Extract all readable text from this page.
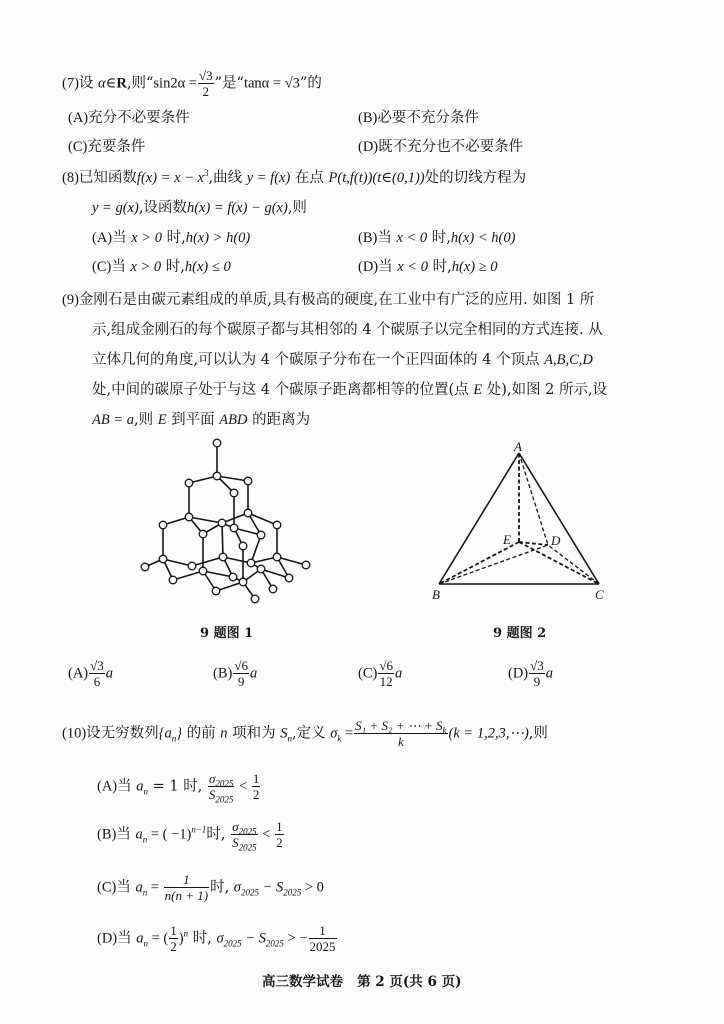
(7)设 α∈R,则“$\sin 2\alpha = \frac{√3}{2}$ ”是“tanα = √3”的
(A)充分不必要条件	(B)必要不充分条件
(C)充要条件	(D)既不充分也不必要条件
(8)已知函数$f(x) = x - x^3$,曲线 y = f(x) 在点 P(t,f(t))(t∈(0,1))处的切线方程为
y = g(x),设函数h(x) = f(x) − g(x),则
(A)当 x > 0 时,h(x) > h(0)	(B)当 x < 0 时,h(x) < h(0)
(C)当 x > 0 时,h(x) ≤ 0	(D)当 x < 0 时,h(x) ≥ 0
(9)金刚石是由碳元素组成的单质,具有极高的硬度,在工业中有广泛的应用. 如图 1 所
示,组成金刚石的每个碳原子都与其相邻的 4 个碳原子以完全相同的方式连接. 从
立体几何的角度,可以认为 4 个碳原子分布在一个正四面体的 4 个顶点 A,B,C,D
处,中间的碳原子处于与这 4 个碳原子距离都相等的位置(点 E 处),如图 2 所示,设
AB = a,则 E 到平面 ABD 的距离为
9 题图 1
A
B	C
D
E
9 题图 2
$(A) \frac{√3}{6}$ a	$(B) \frac{√6}{9}$ a	$(C) \frac{√6}{12}$ a	$(D) \frac{√3}{9}$ a
(10)设无穷数列$\{a_n\}$ 的前 n 项和为 $S_n$,定义 $\sigma_k = \frac{S_1 + S_2 + \cdots + S_k}{k} (k$ = 1,2,3,⋯),则
(A)当 $a_n = 1$ 时, $\frac{\sigma_{2025}}{S_{2025}} < \frac{1}{2}$
(B)当 $a_n$ = ( −1)$^{n-1}$时, $\frac{\sigma_{2025}}{S_{2025}} < \frac{1}{2}$
(C)当 $a_n = \frac{1}{n(n + 1)}$ 时, $\sigma_{2025} - S_{2025} > 0$
(D)当 $a_n$ = ( $\frac{1}{2} )^n$ 时, $\sigma_{2025} - S_{2025}$ > − $\frac{1}{2025}$
高三数学试卷 第 2 页(共 6 页)
